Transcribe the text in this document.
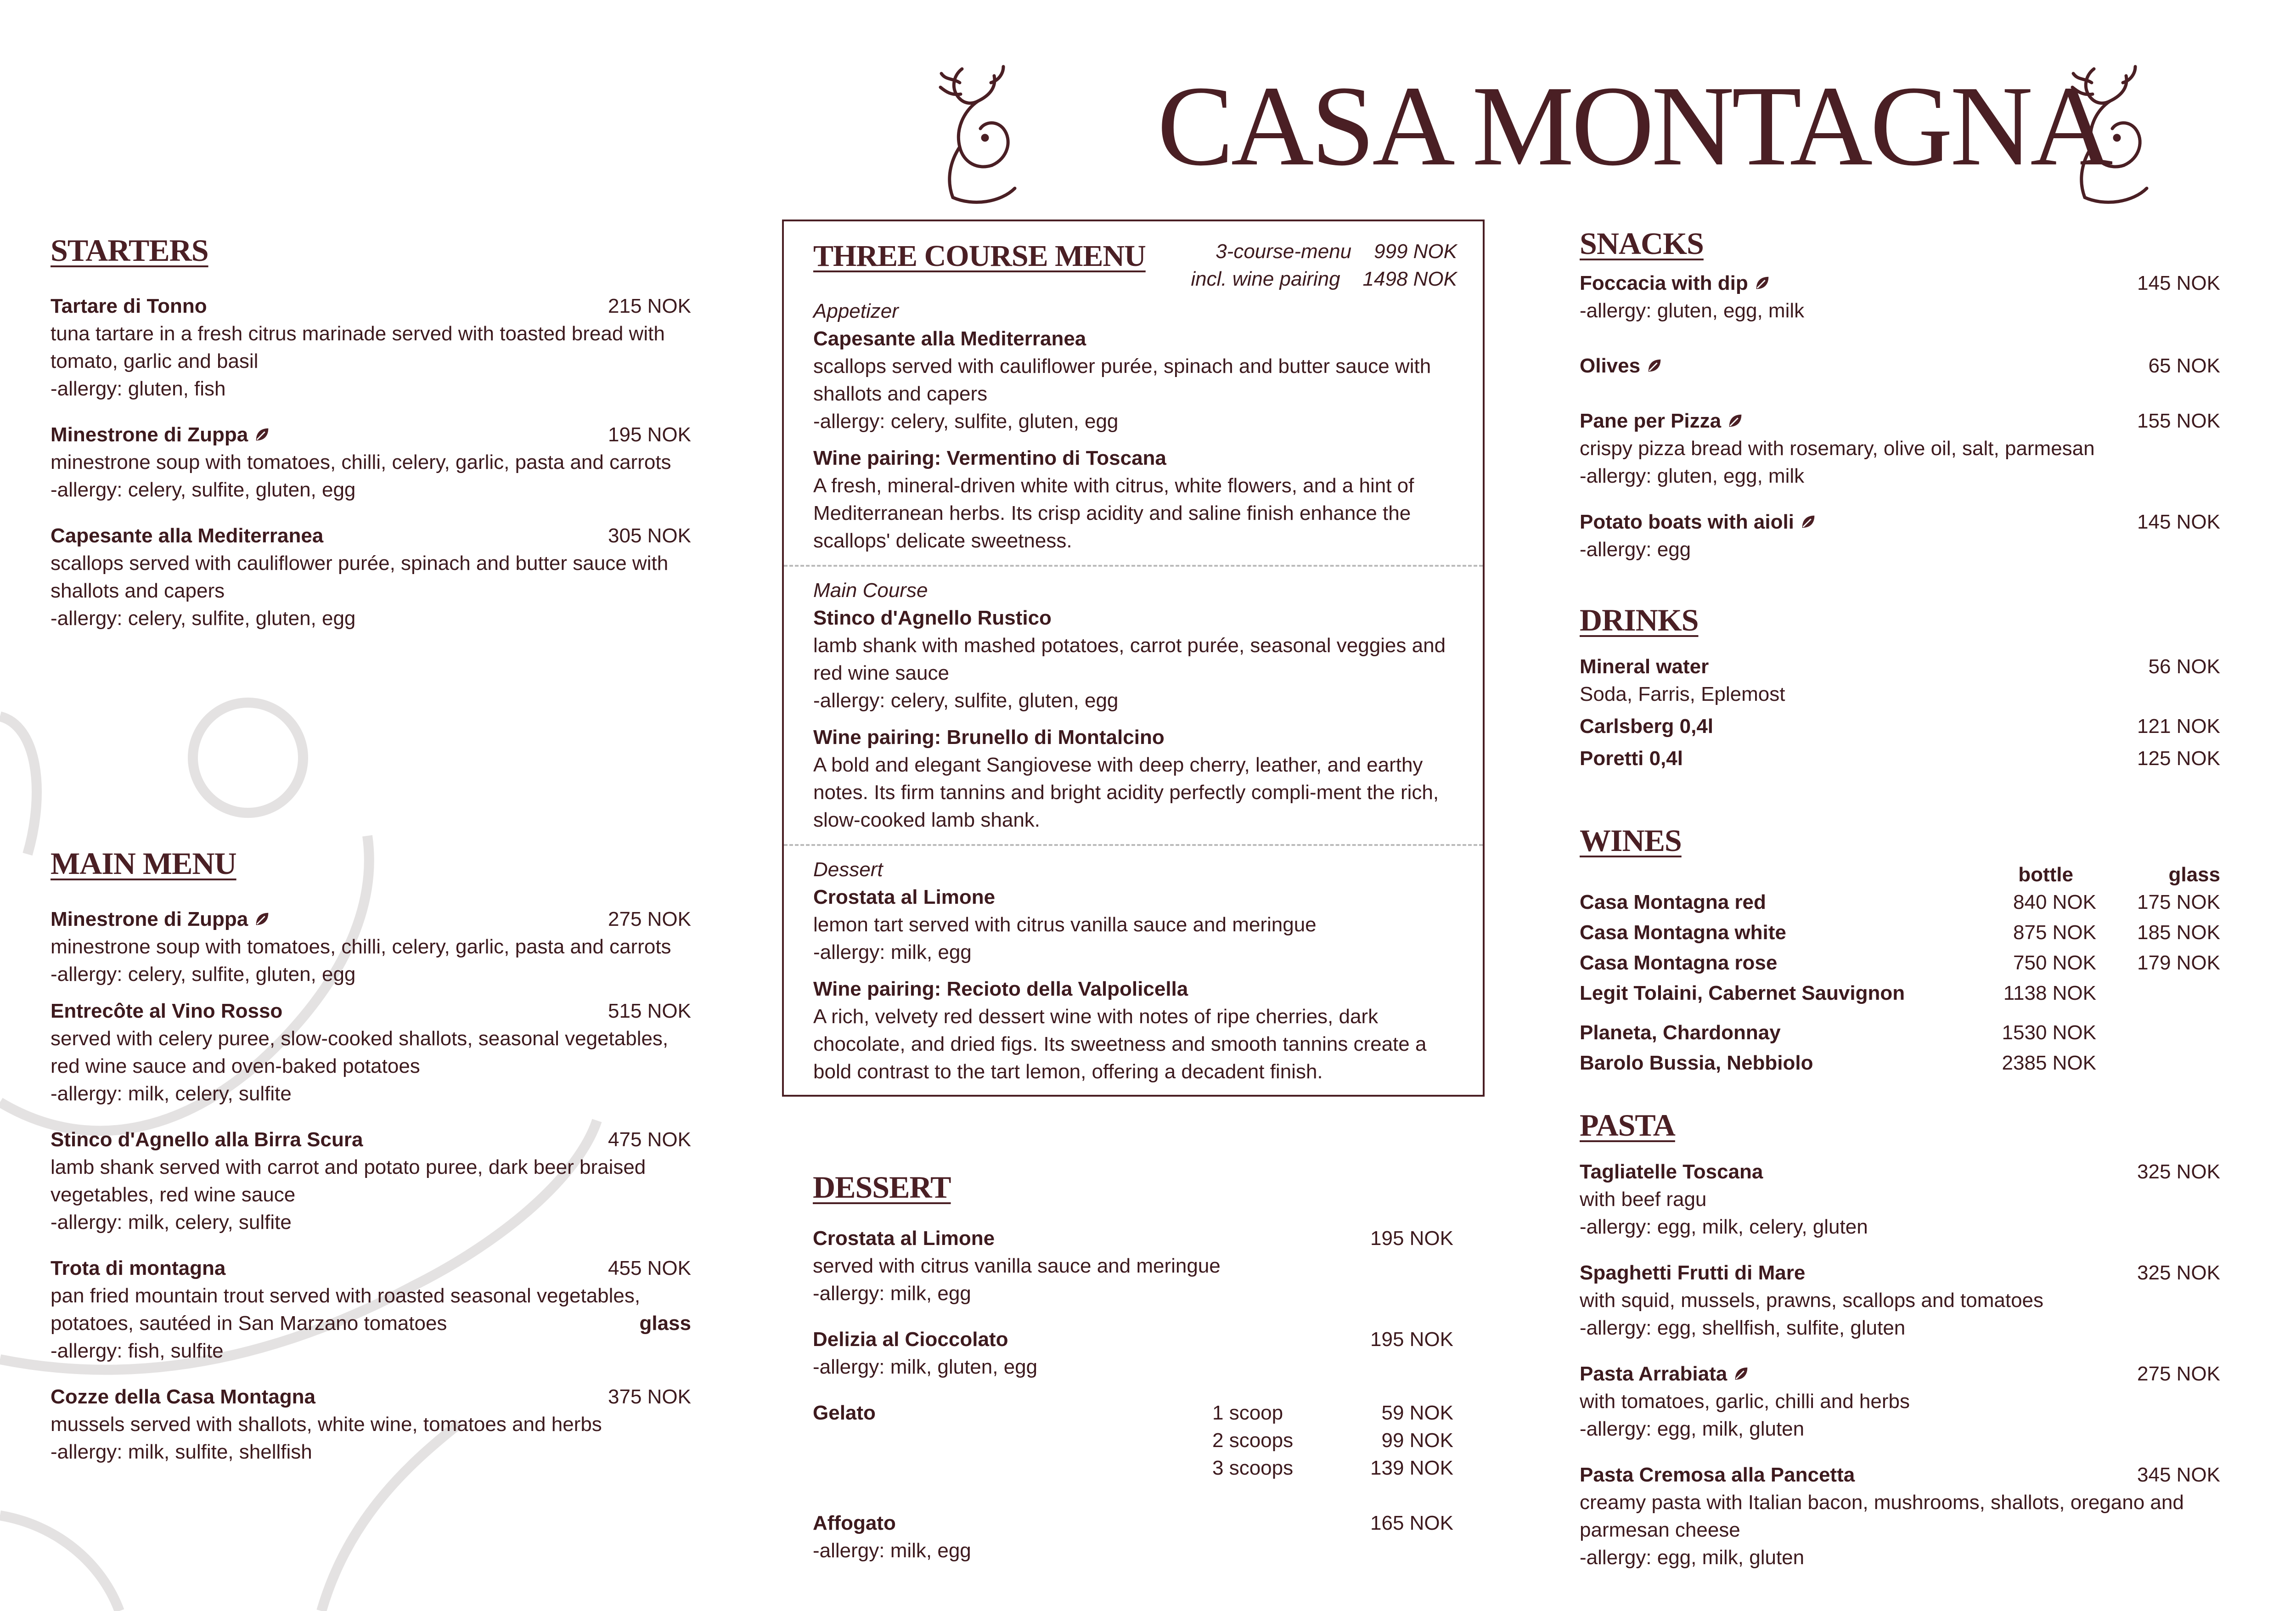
CASA MONTAGNA
STARTERS
Tartare di Tonno	215 NOK
tuna tartare in a fresh citrus marinade served with toasted bread with tomato, garlic and basil
-allergy: gluten, fish
Minestrone di Zuppa	195 NOK
minestrone soup with tomatoes, chilli, celery, garlic, pasta and carrots
-allergy: celery, sulfite, gluten, egg
Capesante alla Mediterranea	305 NOK
scallops served with cauliflower purée, spinach and butter sauce with shallots and capers
-allergy: celery, sulfite, gluten, egg
MAIN MENU
Minestrone di Zuppa	275 NOK
minestrone soup with tomatoes, chilli, celery, garlic, pasta and carrots
-allergy: celery, sulfite, gluten, egg
Entrecôte al Vino Rosso	515 NOK
served with celery puree, slow-cooked shallots, seasonal vegetables, red wine sauce and oven-baked potatoes
-allergy: milk, celery, sulfite
Stinco d'Agnello alla Birra Scura	475 NOK
lamb shank served with carrot and potato puree, dark beer braised vegetables, red wine sauce
-allergy: milk, celery, sulfite
Trota di montagna	455 NOK
glass
pan fried mountain trout served with roasted seasonal vegetables, potatoes, sautéed in San Marzano tomatoes
-allergy: fish, sulfite
Cozze della Casa Montagna	375 NOK
mussels served with shallots, white wine, tomatoes and herbs
-allergy: milk, sulfite, shellfish
THREE COURSE MENU	3-course-menu 999 NOK
incl. wine pairing 1498 NOK
Appetizer
Capesante alla Mediterranea
scallops served with cauliflower purée, spinach and butter sauce with shallots and capers
-allergy: celery, sulfite, gluten, egg
Wine pairing: Vermentino di Toscana
A fresh, mineral-driven white with citrus, white flowers, and a hint of Mediterranean herbs. Its crisp acidity and saline finish enhance the scallops' delicate sweetness.
Main Course
Stinco d'Agnello Rustico
lamb shank with mashed potatoes, carrot purée, seasonal veggies and red wine sauce
-allergy: celery, sulfite, gluten, egg
Wine pairing: Brunello di Montalcino
A bold and elegant Sangiovese with deep cherry, leather, and earthy notes. Its firm tannins and bright acidity perfectly compli-ment the rich, slow-cooked lamb shank.
Dessert
Crostata al Limone
lemon tart served with citrus vanilla sauce and meringue
-allergy: milk, egg
Wine pairing: Recioto della Valpolicella
A rich, velvety red dessert wine with notes of ripe cherries, dark chocolate, and dried figs. Its sweetness and smooth tannins create a bold contrast to the tart lemon, offering a decadent finish.
DESSERT
Crostata al Limone	195 NOK
served with citrus vanilla sauce and meringue
-allergy: milk, egg
Delizia al Cioccolato	195 NOK
-allergy: milk, gluten, egg
Gelato	1 scoop	59 NOK
2 scoops	99 NOK
3 scoops	139 NOK
Affogato	165 NOK
-allergy: milk, egg
SNACKS
Foccacia with dip	145 NOK
-allergy: gluten, egg, milk
Olives	65 NOK
Pane per Pizza	155 NOK
crispy pizza bread with rosemary, olive oil, salt, parmesan
-allergy: gluten, egg, milk
Potato boats with aioli	145 NOK
-allergy: egg
DRINKS
Mineral water	56 NOK
Soda, Farris, Eplemost
Carlsberg 0,4l	121 NOK
Poretti 0,4l	125 NOK
WINES
bottle	glass
Casa Montagna red	840 NOK 175 NOK
Casa Montagna white	875 NOK 185 NOK
Casa Montagna rose	750 NOK 179 NOK
Legit Tolaini, Cabernet Sauvignon	1138 NOK
Planeta, Chardonnay	1530 NOK
Barolo Bussia, Nebbiolo	2385 NOK
PASTA
Tagliatelle Toscana	325 NOK
with beef ragu
-allergy: egg, milk, celery, gluten
Spaghetti Frutti di Mare	325 NOK
with squid, mussels, prawns, scallops and tomatoes
-allergy: egg, shellfish, sulfite, gluten
Pasta Arrabiata	275 NOK
with tomatoes, garlic, chilli and herbs
-allergy: egg, milk, gluten
Pasta Cremosa alla Pancetta	345 NOK
creamy pasta with Italian bacon, mushrooms, shallots, oregano and parmesan cheese
-allergy: egg, milk, gluten
